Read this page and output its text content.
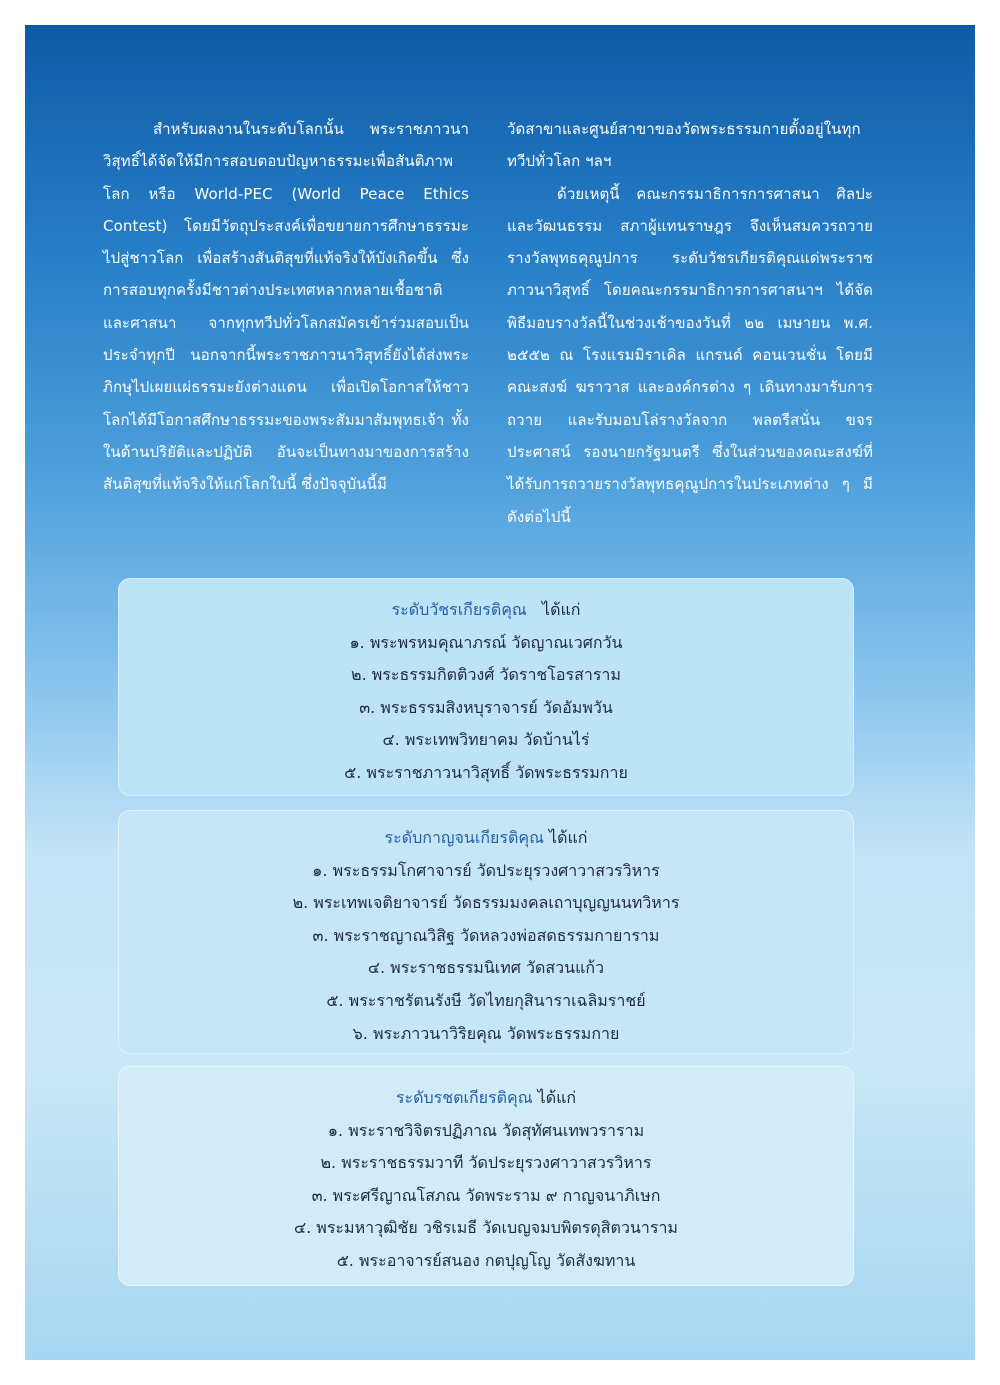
สำหรับผลงานในระดับโลกนั้น พระราชภาวนาวิสุทธิ์ได้จัดให้มีการสอบตอบปัญหาธรรมะเพื่อสันติภาพโลก หรือ World-PEC (World Peace Ethics Contest) โดยมีวัตถุประสงค์เพื่อขยายการศึกษาธรรมะไปสู่ชาวโลก เพื่อสร้างสันติสุขที่แท้จริงให้บังเกิดขึ้น ซึ่งการสอบทุกครั้งมีชาวต่างประเทศหลากหลายเชื้อชาติและศาสนา จากทุกทวีปทั่วโลกสมัครเข้าร่วมสอบเป็นประจำทุกปี นอกจากนี้พระราชภาวนาวิสุทธิ์ยังได้ส่งพระภิกษุไปเผยแผ่ธรรมะยังต่างแดน เพื่อเปิดโอกาสให้ชาวโลกได้มีโอกาสศึกษาธรรมะของพระสัมมาสัมพุทธเจ้า ทั้งในด้านปริยัติและปฏิบัติ อันจะเป็นทางมาของการสร้างสันติสุขที่แท้จริงให้แก่โลกใบนี้ ซึ่งปัจจุบันนี้มี

วัดสาขาและศูนย์สาขาของวัดพระธรรมกายตั้งอยู่ในทุกทวีปทั่วโลก ฯลฯ

ด้วยเหตุนี้ คณะกรรมาธิการการศาสนา ศิลปะและวัฒนธรรม สภาผู้แทนราษฎร จึงเห็นสมควรถวายรางวัลพุทธคุณูปการ ระดับวัชรเกียรติคุณแด่พระราชภาวนาวิสุทธิ์ โดยคณะกรรมาธิการการศาสนาฯ ได้จัดพิธีมอบรางวัลนี้ในช่วงเช้าของวันที่ ๒๒ เมษายน พ.ศ. ๒๕๕๒ ณ โรงแรมมิราเคิล แกรนด์ คอนเวนชั่น โดยมีคณะสงฆ์ ฆราวาส และองค์กรต่าง ๆ เดินทางมารับการถวาย และรับมอบโล่รางวัลจาก พลตรีสนั่น ขจรประศาสน์ รองนายกรัฐมนตรี ซึ่งในส่วนของคณะสงฆ์ที่ได้รับการถวายรางวัลพุทธคุณูปการในประเภทต่าง ๆ มีดังต่อไปนี้

ระดับวัชรเกียรติคุณ ได้แก่
๑. พระพรหมคุณาภรณ์ วัดญาณเวศกวัน
๒. พระธรรมกิตติวงศ์ วัดราชโอรสาราม
๓. พระธรรมสิงหบุราจารย์ วัดอัมพวัน
๔. พระเทพวิทยาคม วัดบ้านไร่
๕. พระราชภาวนาวิสุทธิ์ วัดพระธรรมกาย
ระดับกาญจนเกียรติคุณ ได้แก่
๑. พระธรรมโกศาจารย์ วัดประยุรวงศาวาสวรวิหาร
๒. พระเทพเจติยาจารย์ วัดธรรมมงคลเถาบุญญนนทวิหาร
๓. พระราชญาณวิสิฐ วัดหลวงพ่อสดธรรมกายาราม
๔. พระราชธรรมนิเทศ วัดสวนแก้ว
๕. พระราชรัตนรังษี วัดไทยกุสินาราเฉลิมราชย์
๖. พระภาวนาวิริยคุณ วัดพระธรรมกาย
ระดับรชตเกียรติคุณ ได้แก่
๑. พระราชวิจิตรปฏิภาณ วัดสุทัศนเทพวราราม
๒. พระราชธรรมวาที วัดประยุรวงศาวาสวรวิหาร
๓. พระศรีญาณโสภณ วัดพระราม ๙ กาญจนาภิเษก
๔. พระมหาวุฒิชัย วชิรเมธี วัดเบญจมบพิตรดุสิตวนาราม
๕. พระอาจารย์สนอง กตปุญโญ วัดสังฆทาน
